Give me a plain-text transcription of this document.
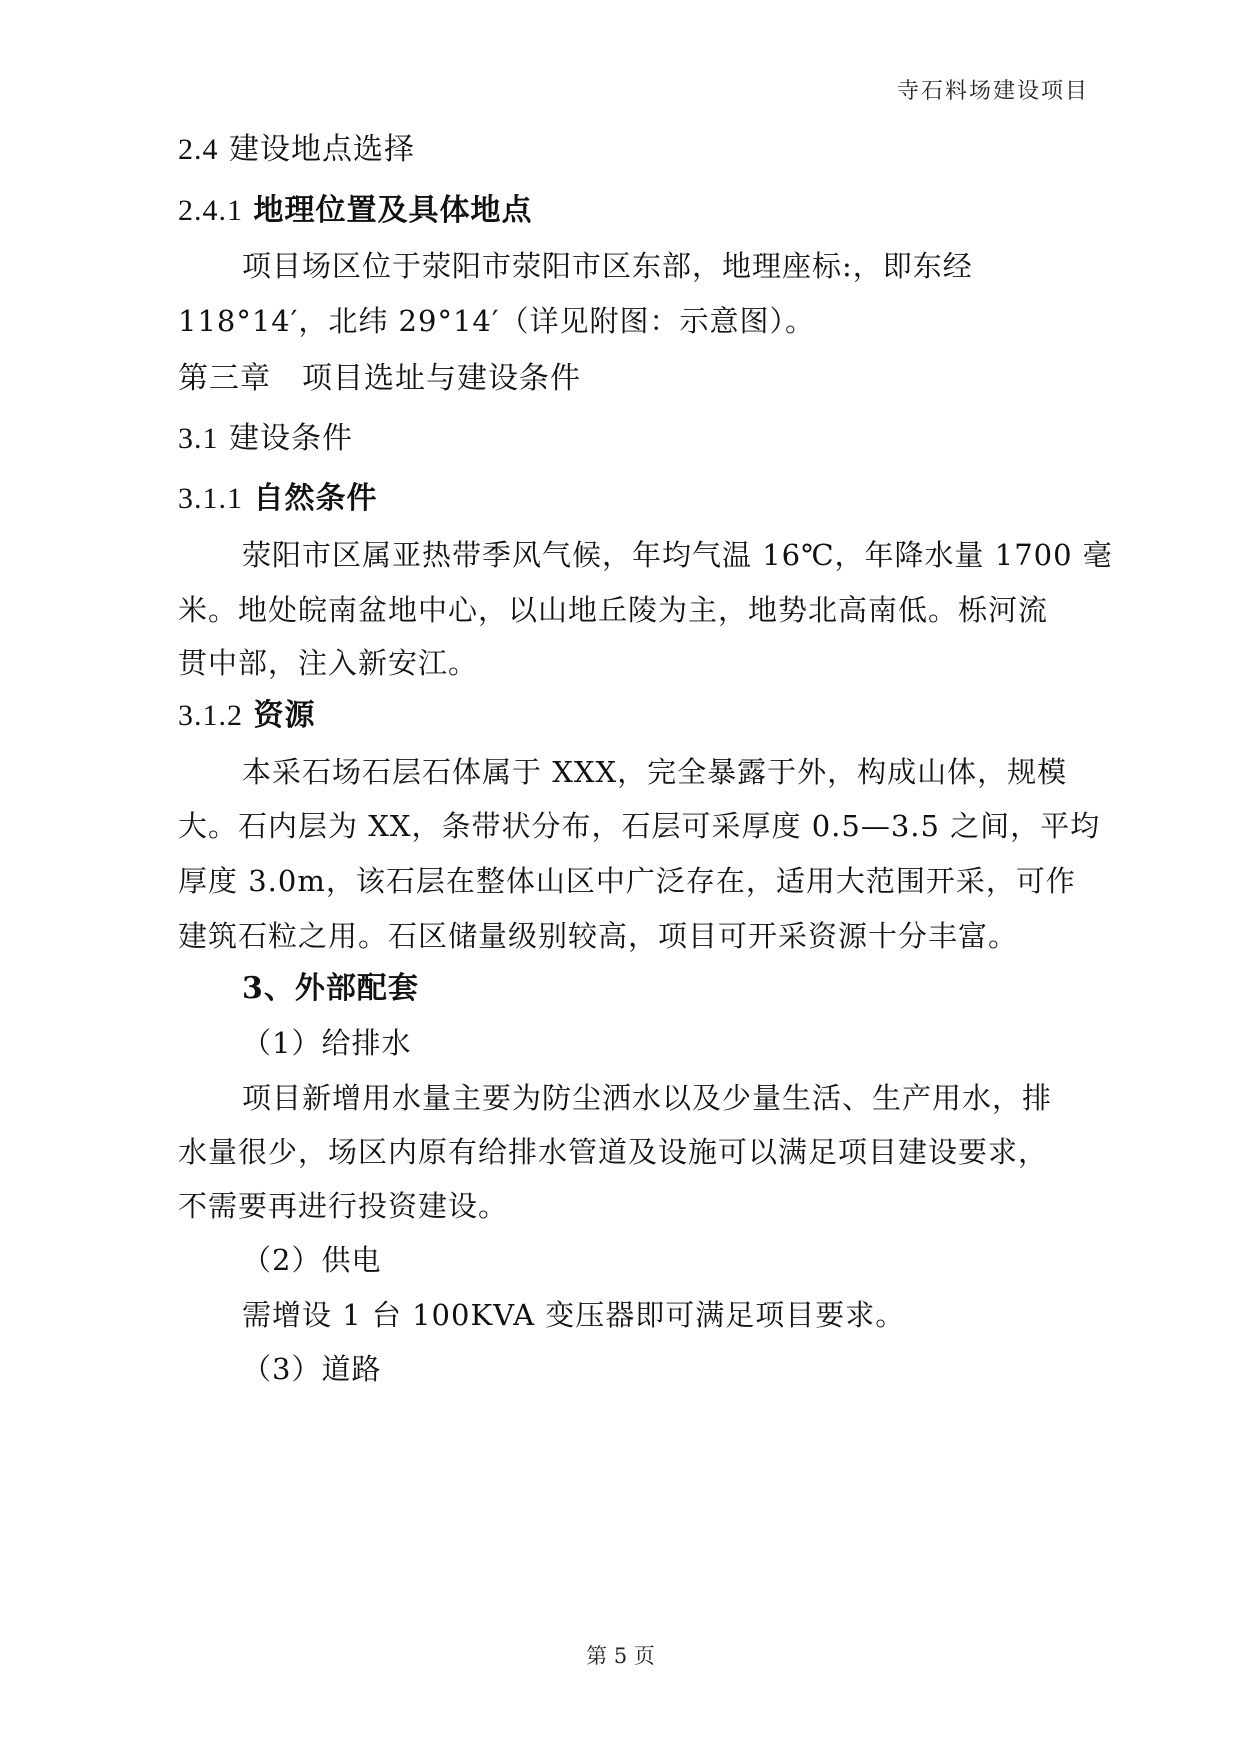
寺石料场建设项目
2.4 建设地点选择
2.4.1 地理位置及具体地点
项目场区位于荥阳市荥阳市区东部，地理座标:，即东经
118°14′，北纬 29°14′（详见附图：示意图）。
第三章　项目选址与建设条件
3.1 建设条件
3.1.1 自然条件
荥阳市区属亚热带季风气候，年均气温 16℃，年降水量 1700 毫
米。地处皖南盆地中心，以山地丘陵为主，地势北高南低。栎河流
贯中部，注入新安江。
3.1.2 资源
本采石场石层石体属于 XXX，完全暴露于外，构成山体，规模
大。石内层为 XX，条带状分布，石层可采厚度 0.5—3.5 之间，平均
厚度 3.0m，该石层在整体山区中广泛存在，适用大范围开采，可作
建筑石粒之用。石区储量级别较高，项目可开采资源十分丰富。
3、外部配套
（1）给排水
项目新增用水量主要为防尘洒水以及少量生活、生产用水，排
水量很少，场区内原有给排水管道及设施可以满足项目建设要求，
不需要再进行投资建设。
（2）供电
需增设 1 台 100KVA 变压器即可满足项目要求。
（3）道路
第 5 页
